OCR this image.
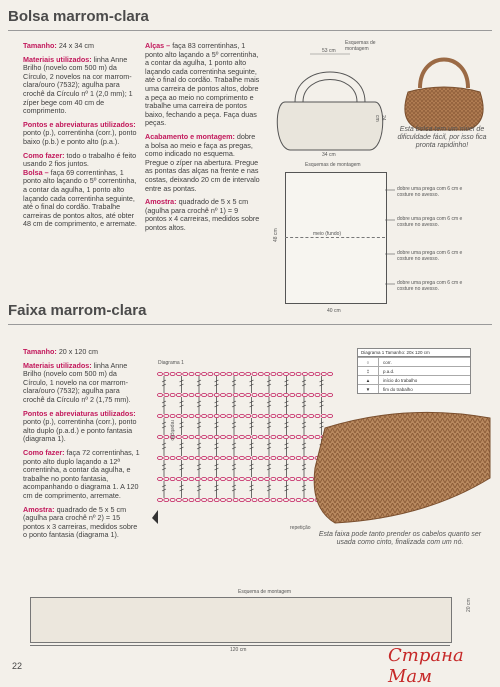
Bolsa marrom-clara

Tamanho: 24 x 34 cm

Materiais utilizados: linha Anne Brilho (novelo com 500 m) da Círculo, 2 novelos na cor marrom-clara/ouro (7532); agulha para crochê da Círculo nº 1 (2,0 mm); 1 zíper bege com 40 cm de comprimento.

Pontos e abreviaturas utilizados: ponto (p.), correntinha (corr.), ponto baixo (p.b.) e ponto alto (p.a.).

Como fazer: todo o trabalho é feito usando 2 fios juntos.
Bolsa – faça 69 correntinhas, 1 ponto alto laçando o 5º correntinha, a contar da agulha, 1 ponto alto laçando cada correntinha seguinte, até o final do cordão. Trabalhe carreiras de pontos altos, até obter 48 cm de comprimento, e arremate.

Alças – faça 83 correntinhas, 1 ponto alto laçando a 5º correntinha, a contar da agulha, 1 ponto alto laçando cada correntinha seguinte, até o final do cordão. Trabalhe mais uma carreira de pontos altos, dobre a peça ao meio no comprimento e trabalhe uma carreira de pontos baixo, fechando a peça. Faça duas peças.

Acabamento e montagem: dobre a bolsa ao meio e faça as pregas, como indicado no esquema. Pregue o zíper na abertura. Pregue as pontas das alças na frente e nas costas, deixando 20 cm de intervalo entre as pontas.

Amostra: quadrado de 5 x 5 cm (agulha para crochê nº 1) = 9 pontos x 4 carreiras, medidos sobre pontos altos.

Esquemas de montagem
53 cm
24 cm
34 cm
Esta bolsa tem um nível de dificuldade fácil, por isso fica pronta rapidinho!
Esquemas de montagem
meio (fundo)
48 cm
40 cm
dobre uma prega com 6 cm e costure no avesso.
dobre uma prega com 6 cm e costure no avesso.
dobre uma prega com 6 cm e costure no avesso.
dobre uma prega com 6 cm e costure no avesso.
Faixa marrom-clara

Tamanho: 20 x 120 cm

Materiais utilizados: linha Anne Brilho (novelo com 500 m) da Círculo, 1 novelo na cor marrom-clara/ouro (7532); agulha para crochê da Círculo nº 2 (1,75 mm).

Pontos e abreviaturas utilizados: ponto (p.), correntinha (corr.), ponto alto duplo (p.a.d.) e ponto fantasia (diagrama 1).

Como fazer: faça 72 correntinhas, 1 ponto alto duplo laçando a 12ª correntinha, a contar da agulha, e trabalhe no ponto fantasia, acompanhando o diagrama 1. A 120 cm de comprimento, arremate.

Amostra: quadrado de 5 x 5 cm (agulha para crochê nº 2) = 15 pontos x 3 carreiras, medidos sobre o ponto fantasia (diagrama 1).

Diagrama 1
repetição
repetição
Diagrama 1 Tamanho: 20x 120 cm
○	corr.
‡	p.a.d.
▲	início do trabalho
▼	fim do trabalho
Esta faixa pode tanto prender os cabelos quanto ser usada como cinto, finalizada com um nó.
Esquema de montagem
120 cm
20 cm
22	Страна Мам
